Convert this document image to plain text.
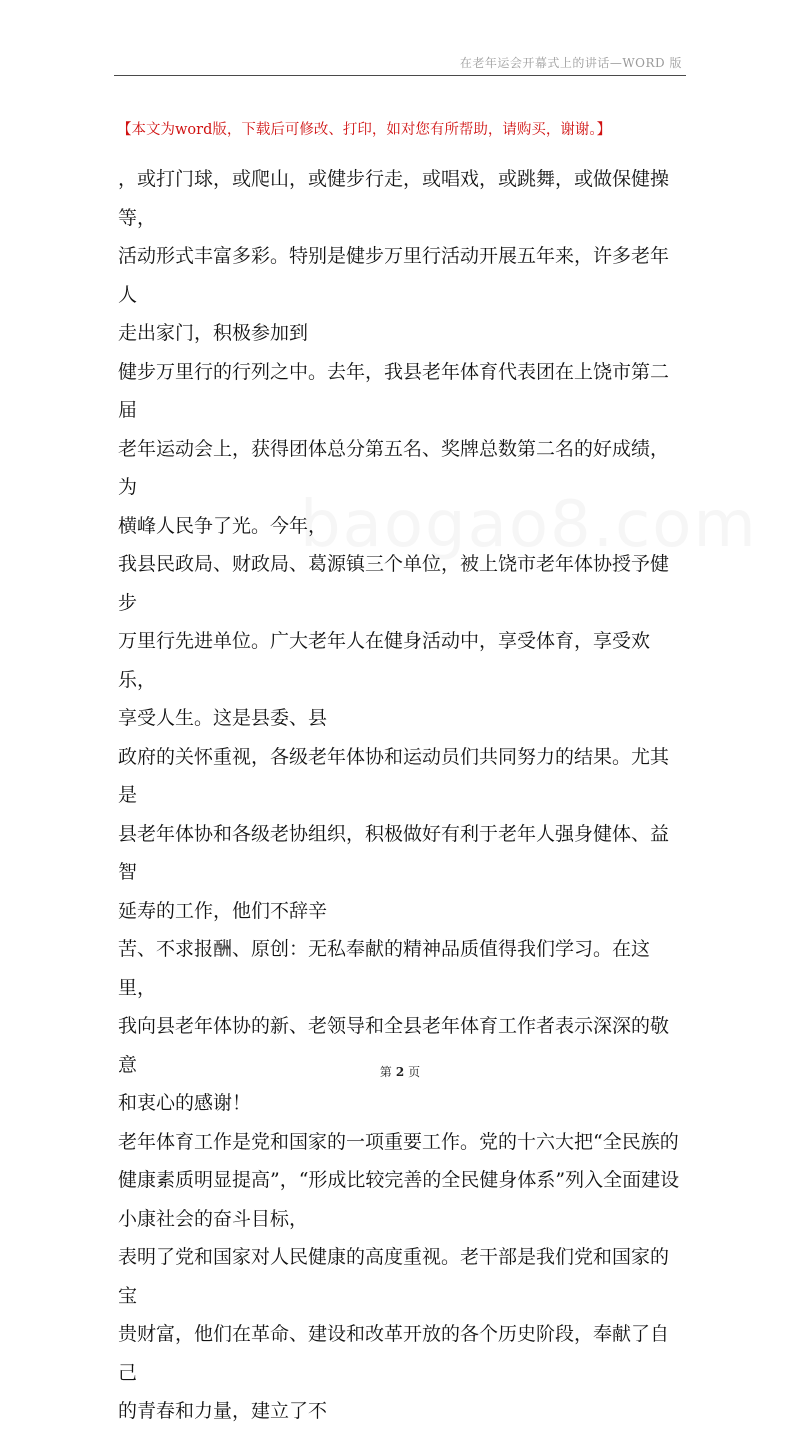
在老年运会开幕式上的讲话—WORD 版
【本文为word版，下载后可修改、打印，如对您有所帮助，请购买，谢谢。】
baogao8.com

，或打门球，或爬山，或健步行走，或唱戏，或跳舞，或做保健操等，
活动形式丰富多彩。特别是健步万里行活动开展五年来，许多老年人
走出家门，积极参加到

健步万里行的行列之中。去年，我县老年体育代表团在上饶市第二届
老年运动会上，获得团体总分第五名、奖牌总数第二名的好成绩，为
横峰人民争了光。今年，

我县民政局、财政局、葛源镇三个单位，被上饶市老年体协授予健步
万里行先进单位。广大老年人在健身活动中，享受体育，享受欢乐，
享受人生。这是县委、县

政府的关怀重视，各级老年体协和运动员们共同努力的结果。尤其是
县老年体协和各级老协组织，积极做好有利于老年人强身健体、益智
延寿的工作，他们不辞辛

苦、不求报酬、原创：无私奉献的精神品质值得我们学习。在这里，
我向县老年体协的新、老领导和全县老年体育工作者表示深深的敬意
和衷心的感谢！

老年体育工作是党和国家的一项重要工作。党的十六大把“全民族的
健康素质明显提高”，“形成比较完善的全民健身体系”列入全面建设
小康社会的奋斗目标，

表明了党和国家对人民健康的高度重视。老干部是我们党和国家的宝
贵财富，他们在革命、建设和改革开放的各个历史阶段，奉献了自己
的青春和力量，建立了不

第 2 页
